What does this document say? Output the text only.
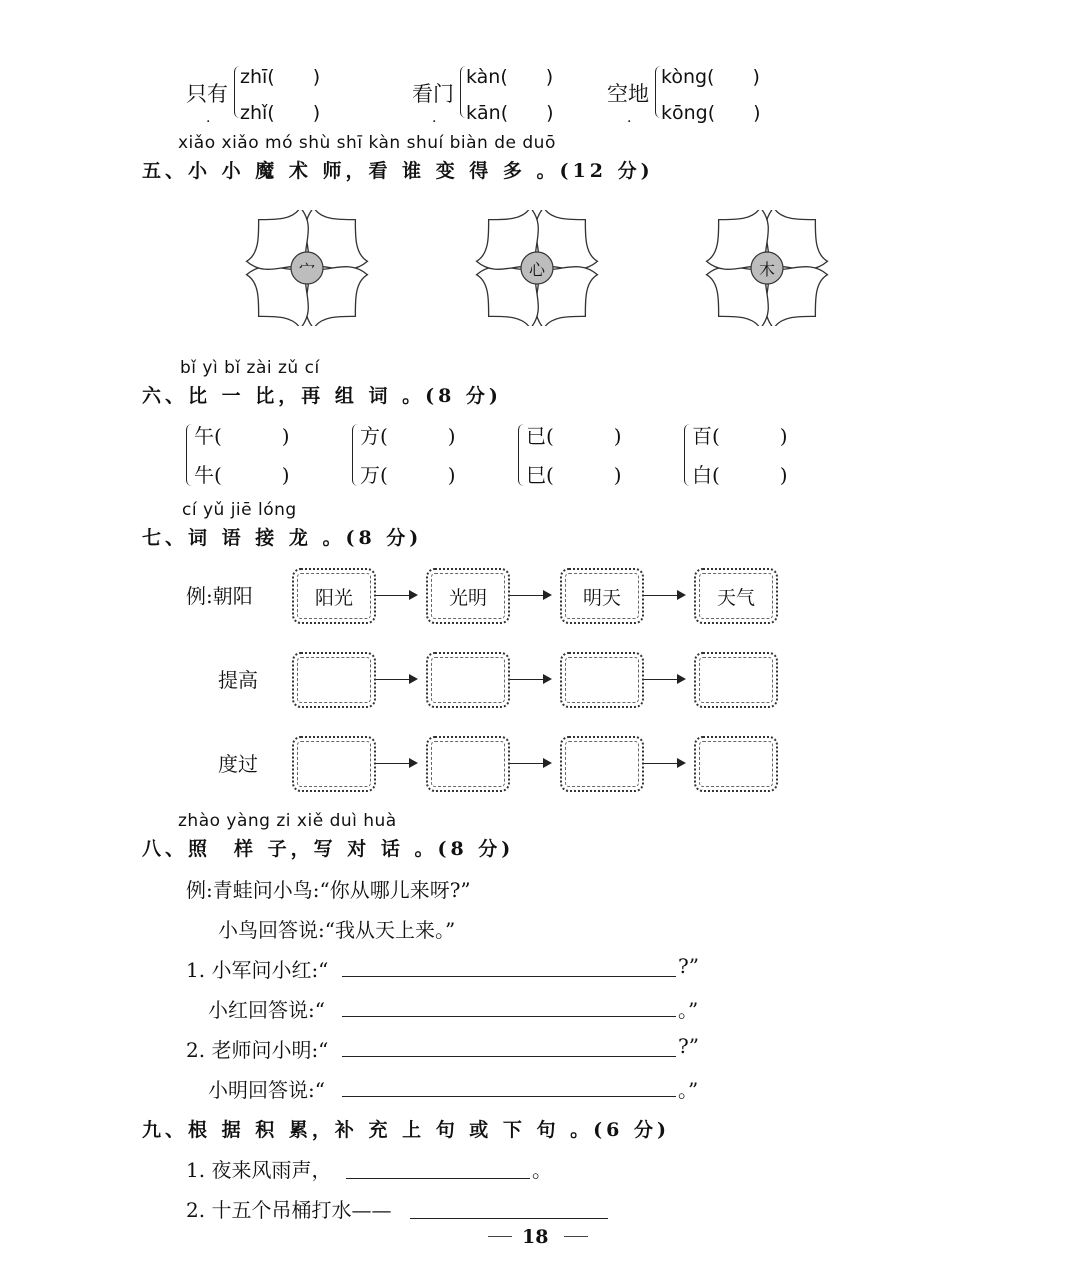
只有
·
zhī(　　)
zhǐ(　　)
看门
·
kàn(　　)
kān(　　)
空地
·
kòng(　　)
kōng(　　)
xiǎo xiǎo mó shù shī kàn shuí biàn de duō
五、小 小 魔 术 师，看 谁 变 得 多 。(12 分)
宀	心	木
bǐ yì bǐ zài zǔ cí
六、比 一 比，再 组 词 。(8 分)
午(　　　)
牛(　　　)
方(　　　)
万(　　　)
已(　　　)
巳(　　　)
百(　　　)
白(　　　)
cí yǔ jiē lóng
七、词 语 接 龙 。(8 分)
例:朝阳
提高
度过
阳光	光明	明天	天气
zhào yàng zi xiě duì huà
八、照　样 子，写 对 话 。(8 分)
例:青蛙问小鸟:“你从哪儿来呀?”
小鸟回答说:“我从天上来。”
1. 小军问小红:“	?”
小红回答说:“	。”
2. 老师问小明:“	?”
小明回答说:“	。”
九、根 据 积 累，补 充 上 句 或 下 句 。(6 分)
1. 夜来风雨声，	。
2. 十五个吊桶打水——
18
